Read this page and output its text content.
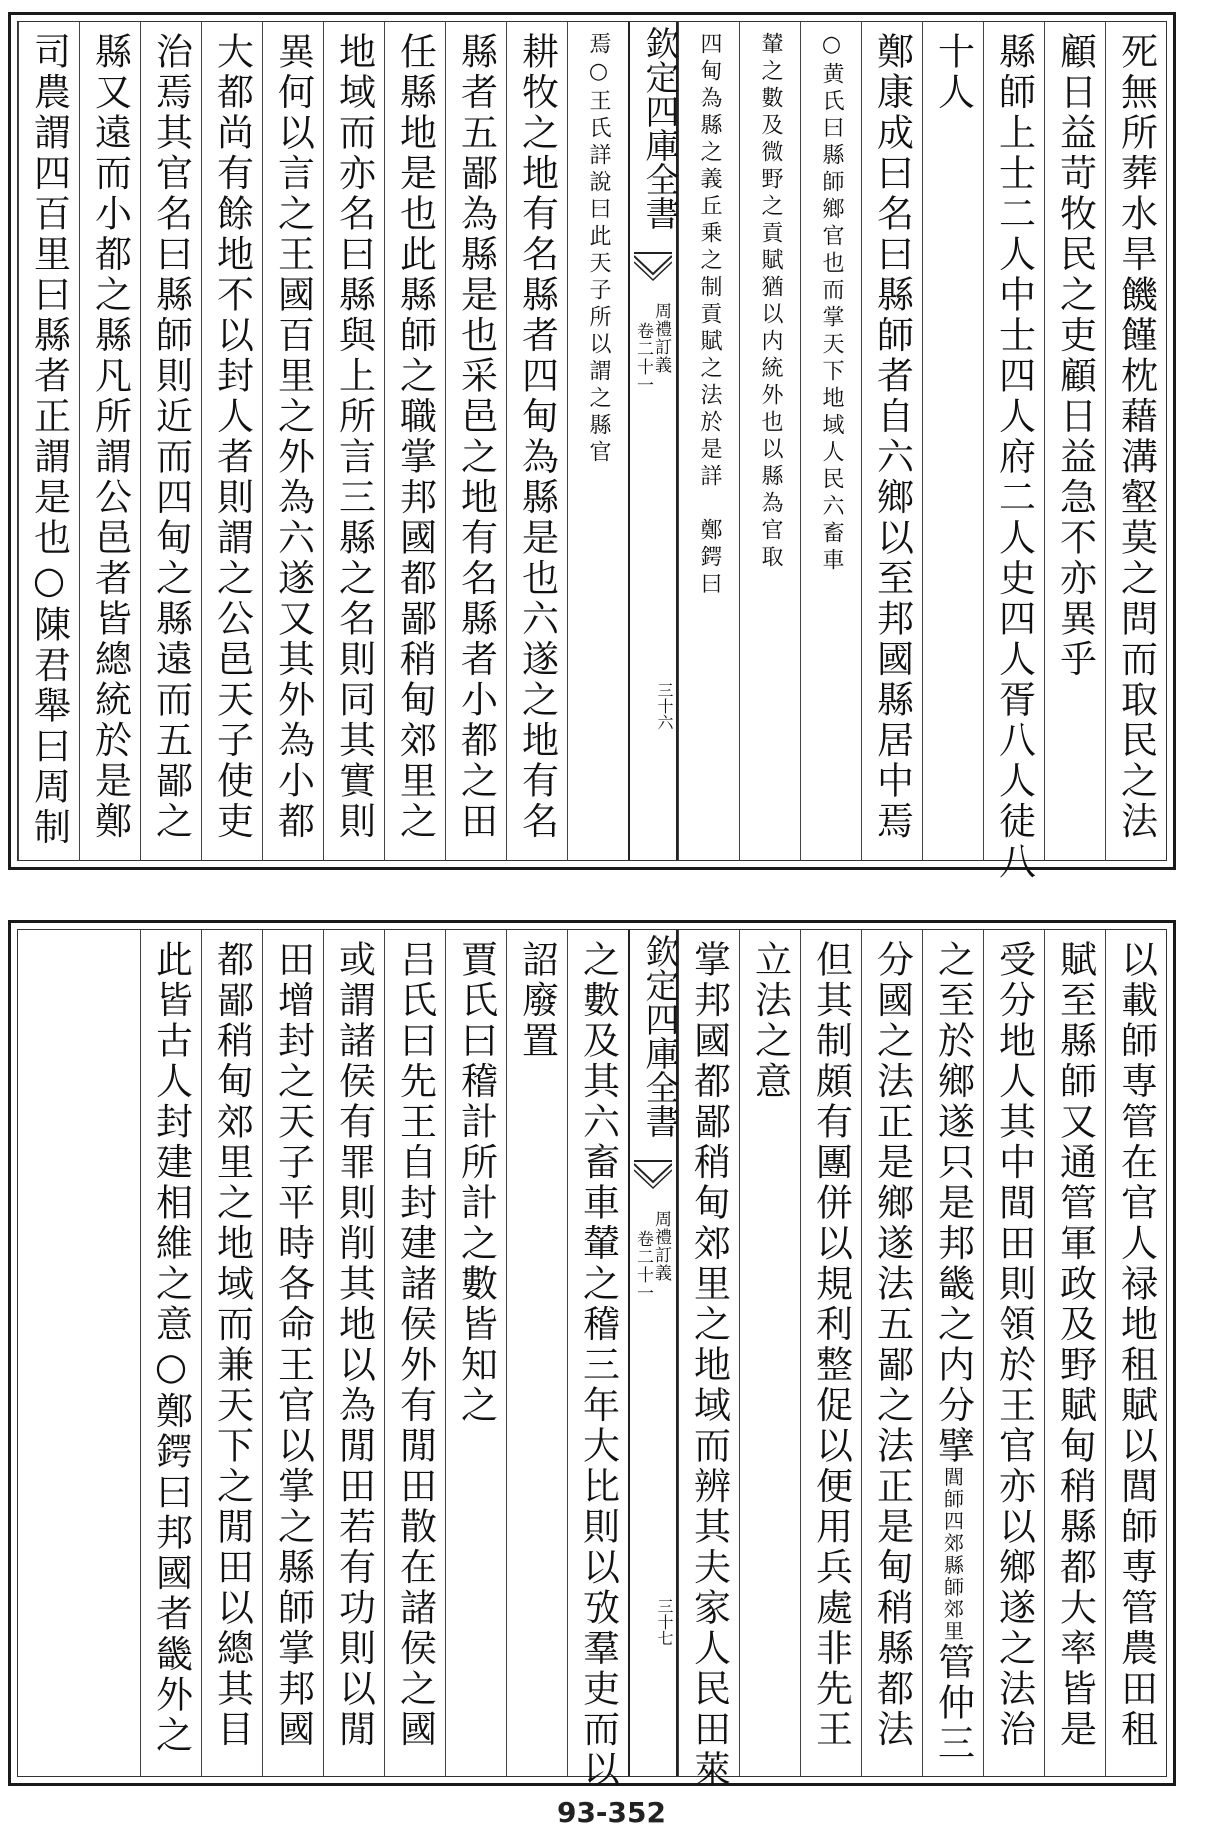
死無所葬水旱饑饉枕藉溝壑莫之問而取民之法
顧日益苛牧民之吏顧日益急不亦異乎
縣師上士二人中士四人府二人史四人胥八人徒八
十人
鄭康成曰名曰縣師者自六鄉以至邦國縣居中焉
○黄氏曰縣師鄉官也而掌天下地域人民六畜車
輦之數及微野之貢賦猶以内統外也以縣為官取
四甸為縣之義丘乗之制貢賦之法於是詳　鄭鍔曰
欽定四庫全書
周禮訂義
卷二十一
三十六
焉○王氏詳說曰此天子所以謂之縣官
耕牧之地有名縣者四甸為縣是也六遂之地有名
縣者五鄙為縣是也采邑之地有名縣者小都之田
任縣地是也此縣師之職掌邦國都鄙稍甸郊里之
地域而亦名曰縣與上所言三縣之名則同其實則
異何以言之王國百里之外為六遂又其外為小都
大都尚有餘地不以封人者則謂之公邑天子使吏
治焉其官名曰縣師則近而四甸之縣遠而五鄙之
縣又遠而小都之縣凡所謂公邑者皆總統於是鄭
司農謂四百里曰縣者正謂是也○陳君舉曰周制
以載師専管在官人禄地租賦以閭師専管農田租
賦至縣師又通管軍政及野賦甸稍縣都大率皆是
受分地人其中間田則領於王官亦以鄉遂之法治
之至於鄉遂只是邦畿之内分擘閭師四郊縣師郊里管仲三
分國之法正是鄉遂法五鄙之法正是甸稍縣都法
但其制頗有團併以規利整促以便用兵處非先王
立法之意
掌邦國都鄙稍甸郊里之地域而辨其夫家人民田萊
欽定四庫全書
周禮訂義
卷二十一
三十七
之數及其六畜車輦之稽三年大比則以攷羣吏而以
詔廢置
賈氏曰稽計所計之數皆知之
吕氏曰先王自封建諸侯外有閒田散在諸侯之國
或謂諸侯有罪則削其地以為閒田若有功則以閒
田增封之天子平時各命王官以掌之縣師掌邦國
都鄙稍甸郊里之地域而兼天下之閒田以總其目
此皆古人封建相維之意○鄭鍔曰邦國者畿外之
93-352
